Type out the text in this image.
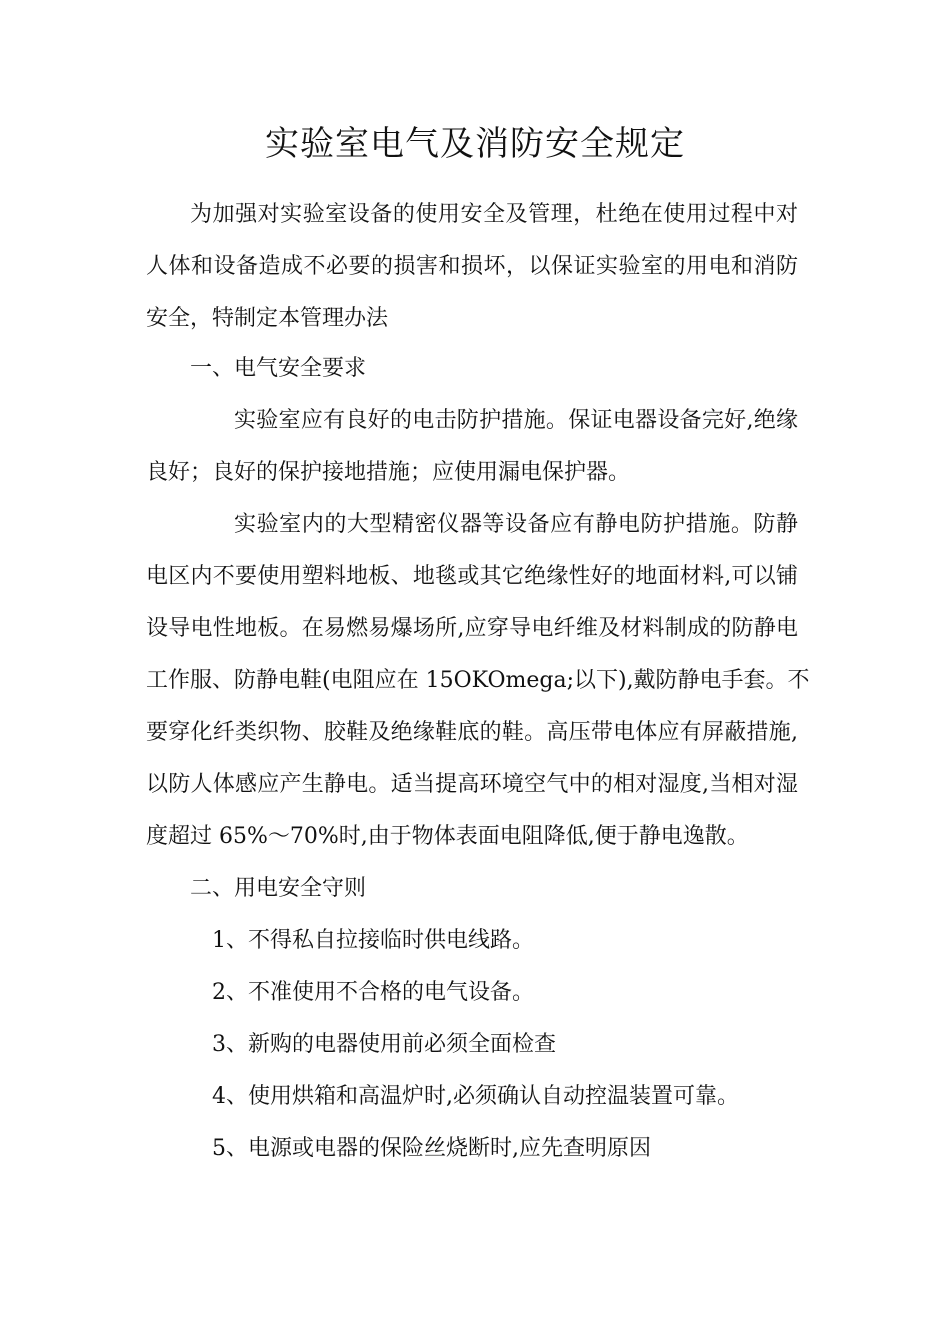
实验室电气及消防安全规定

为加强对实验室设备的使用安全及管理，杜绝在使用过程中对

人体和设备造成不必要的损害和损坏，以保证实验室的用电和消防

安全，特制定本管理办法

一、电气安全要求

实验室应有良好的电击防护措施。保证电器设备完好,绝缘

良好；良好的保护接地措施；应使用漏电保护器。

实验室内的大型精密仪器等设备应有静电防护措施。防静

电区内不要使用塑料地板、地毯或其它绝缘性好的地面材料,可以铺

设导电性地板。在易燃易爆场所,应穿导电纤维及材料制成的防静电

工作服、防静电鞋(电阻应在 15OKOmega;以下),戴防静电手套。不

要穿化纤类织物、胶鞋及绝缘鞋底的鞋。高压带电体应有屏蔽措施,

以防人体感应产生静电。适当提高环境空气中的相对湿度,当相对湿

度超过 65%～70%时,由于物体表面电阻降低,便于静电逸散。

二、用电安全守则

1、不得私自拉接临时供电线路。

2、不准使用不合格的电气设备。

3、新购的电器使用前必须全面检查

4、使用烘箱和高温炉时,必须确认自动控温装置可靠。

5、电源或电器的保险丝烧断时,应先查明原因
